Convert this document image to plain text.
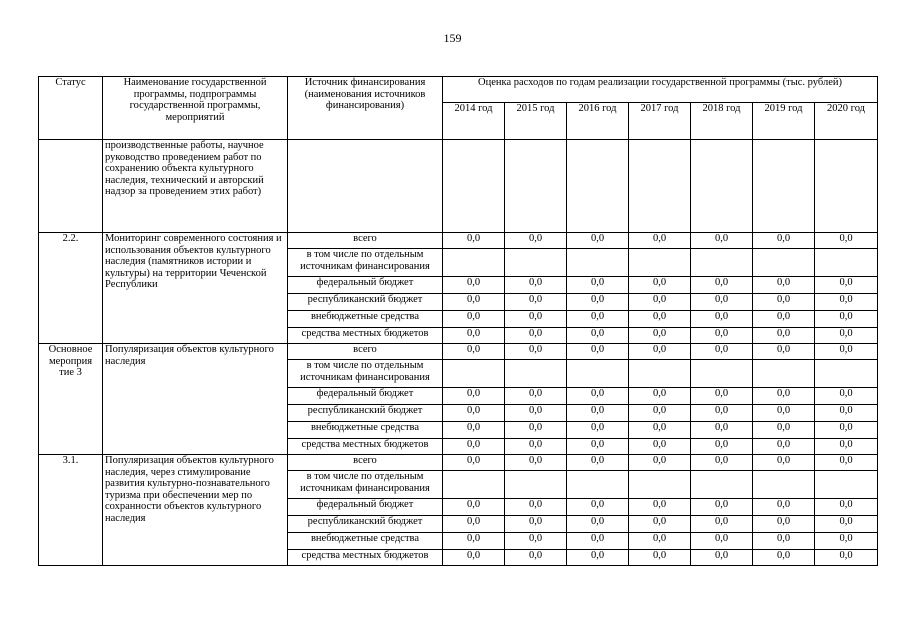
159
Статус	Наименование государственной программы, подпрограммы государственной программы, мероприятий	Источник финансирования (наименования источников финансирования)	Оценка расходов по годам реализации государственной программы (тыс. рублей)						
			2014 год	2015 год	2016 год	2017 год	2018 год	2019 год	2020 год
	производственные работы, научное руководство проведением работ по сохранению объекта культурного наследия, технический и авторский надзор за проведением этих работ)								
2.2.	Мониторинг современного состояния и использования объектов культурного наследия (памятников истории и культуры) на территории Чеченской Республики	всего	0,0	0,0	0,0	0,0	0,0	0,0	0,0
		в том числе по отдельным источникам финансирования							
		федеральный бюджет	0,0	0,0	0,0	0,0	0,0	0,0	0,0
		республиканский бюджет	0,0	0,0	0,0	0,0	0,0	0,0	0,0
		внебюджетные средства	0,0	0,0	0,0	0,0	0,0	0,0	0,0
		средства местных бюджетов	0,0	0,0	0,0	0,0	0,0	0,0	0,0
Основное мероприя тие 3	Популяризация объектов культурного наследия	всего	0,0	0,0	0,0	0,0	0,0	0,0	0,0
		в том числе по отдельным источникам финансирования							
		федеральный бюджет	0,0	0,0	0,0	0,0	0,0	0,0	0,0
		республиканский бюджет	0,0	0,0	0,0	0,0	0,0	0,0	0,0
		внебюджетные средства	0,0	0,0	0,0	0,0	0,0	0,0	0,0
		средства местных бюджетов	0,0	0,0	0,0	0,0	0,0	0,0	0,0
3.1.	Популяризация объектов культурного наследия, через стимулирование развития культурно-познавательного туризма при обеспечении мер по сохранности объектов культурного наследия	всего	0,0	0,0	0,0	0,0	0,0	0,0	0,0
		в том числе по отдельным источникам финансирования							
		федеральный бюджет	0,0	0,0	0,0	0,0	0,0	0,0	0,0
		республиканский бюджет	0,0	0,0	0,0	0,0	0,0	0,0	0,0
		внебюджетные средства	0,0	0,0	0,0	0,0	0,0	0,0	0,0
		средства местных бюджетов	0,0	0,0	0,0	0,0	0,0	0,0	0,0
